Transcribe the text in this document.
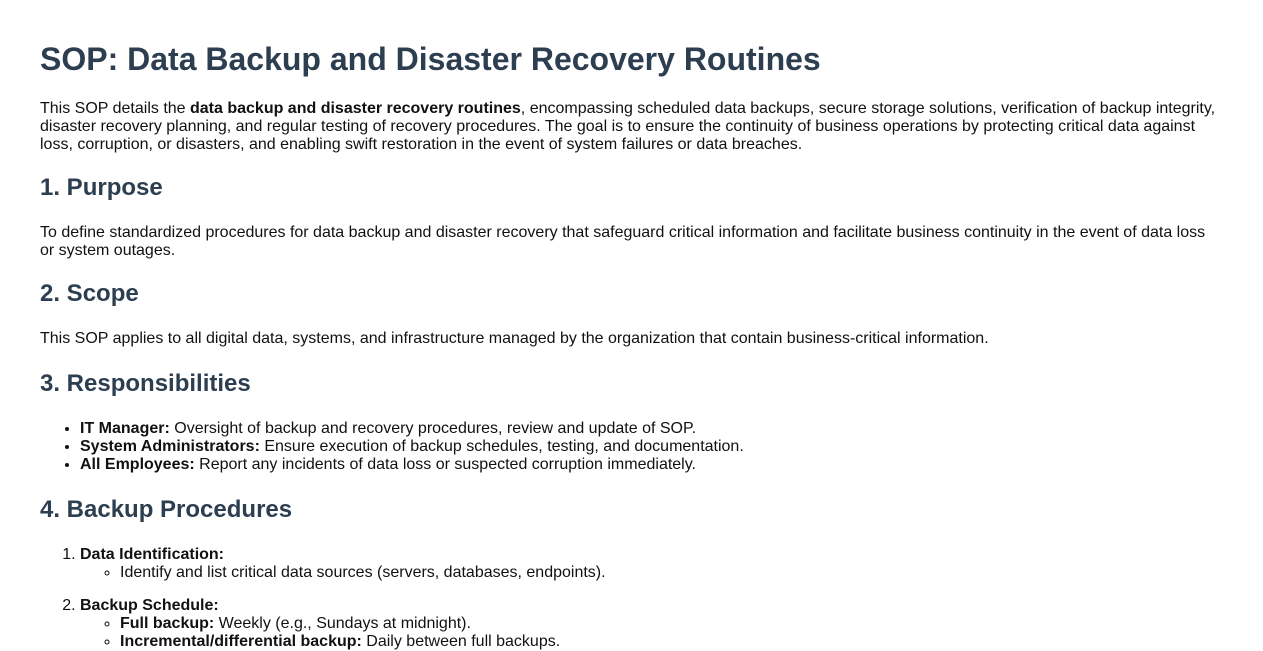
SOP: Data Backup and Disaster Recovery Routines

This SOP details the data backup and disaster recovery routines, encompassing scheduled data backups, secure storage solutions, verification of backup integrity, disaster recovery planning, and regular testing of recovery procedures. The goal is to ensure the continuity of business operations by protecting critical data against loss, corruption, or disasters, and enabling swift restoration in the event of system failures or data breaches.

1. Purpose

To define standardized procedures for data backup and disaster recovery that safeguard critical information and facilitate business continuity in the event of data loss or system outages.

2. Scope

This SOP applies to all digital data, systems, and infrastructure managed by the organization that contain business-critical information.

3. Responsibilities
• IT Manager: Oversight of backup and recovery procedures, review and update of SOP.
• System Administrators: Ensure execution of backup schedules, testing, and documentation.
• All Employees: Report any incidents of data loss or suspected corruption immediately.
4. Backup Procedures
1. Data Identification:
◦ Identify and list critical data sources (servers, databases, endpoints).
2. Backup Schedule:
◦ Full backup: Weekly (e.g., Sundays at midnight).
◦ Incremental/differential backup: Daily between full backups.
